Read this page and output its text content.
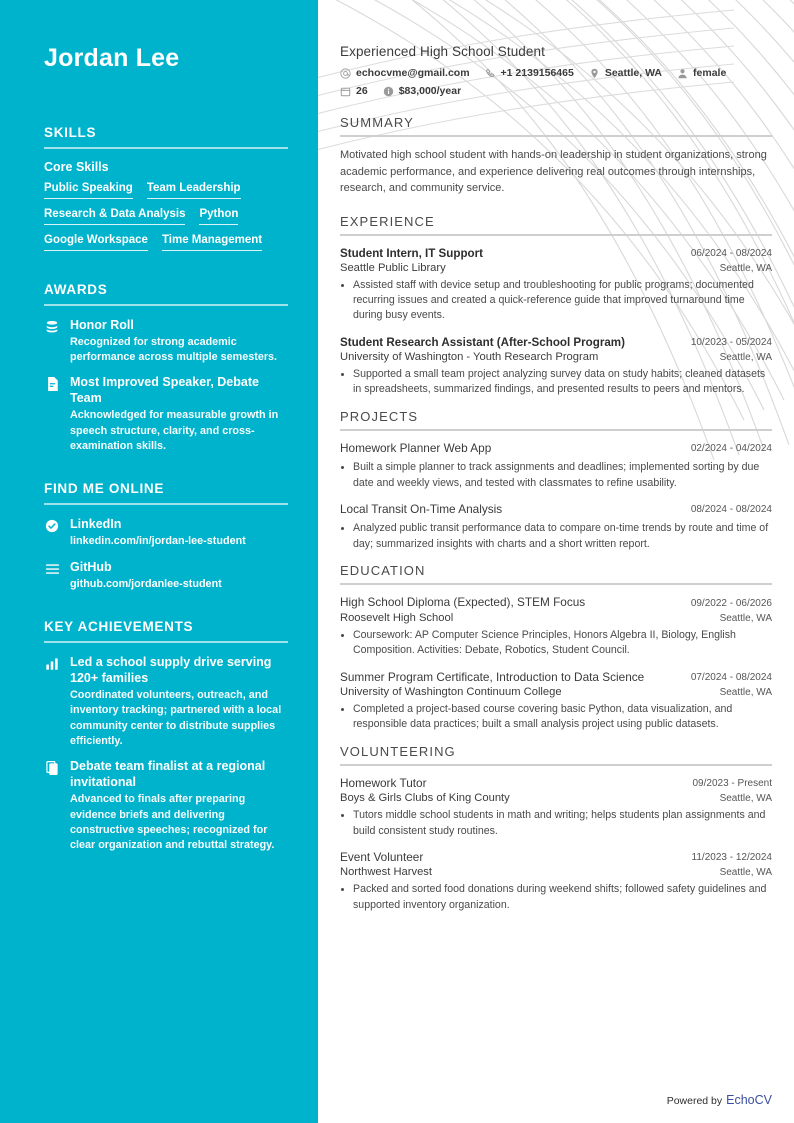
Jordan Lee
SKILLS
Core Skills
Public Speaking Team Leadership
Research & Data Analysis Python
Google Workspace Time Management
AWARDS
Honor Roll
Recognized for strong academic performance across multiple semesters.
Most Improved Speaker, Debate Team
Acknowledged for measurable growth in speech structure, clarity, and cross-examination skills.
FIND ME ONLINE
LinkedIn
linkedin.com/in/jordan-lee-student
GitHub
github.com/jordanlee-student
KEY ACHIEVEMENTS
Led a school supply drive serving 120+ families
Coordinated volunteers, outreach, and inventory tracking; partnered with a local community center to distribute supplies efficiently.
Debate team finalist at a regional invitational
Advanced to finals after preparing evidence briefs and delivering constructive speeches; recognized for clear organization and rebuttal strategy.
Experienced High School Student
echocvme@gmail.com	+1 2139156465	Seattle, WA	female
26	$83,000/year
SUMMARY

Motivated high school student with hands-on leadership in student organizations, strong academic performance, and experience delivering real outcomes through internships, research, and community service.

EXPERIENCE
Student Intern, IT Support	06/2024 - 08/2024
Seattle Public Library	Seattle, WA
• Assisted staff with device setup and troubleshooting for public programs; documented recurring issues and created a quick-reference guide that improved turnaround time during busy events.
Student Research Assistant (After-School Program)	10/2023 - 05/2024
University of Washington - Youth Research Program	Seattle, WA
• Supported a small team project analyzing survey data on study habits; cleaned datasets in spreadsheets, summarized findings, and presented results to peers and mentors.
PROJECTS
Homework Planner Web App	02/2024 - 04/2024
• Built a simple planner to track assignments and deadlines; implemented sorting by due date and weekly views, and tested with classmates to refine usability.
Local Transit On-Time Analysis	08/2024 - 08/2024
• Analyzed public transit performance data to compare on-time trends by route and time of day; summarized insights with charts and a short written report.
EDUCATION
High School Diploma (Expected), STEM Focus	09/2022 - 06/2026
Roosevelt High School	Seattle, WA
• Coursework: AP Computer Science Principles, Honors Algebra II, Biology, English Composition. Activities: Debate, Robotics, Student Council.
Summer Program Certificate, Introduction to Data Science	07/2024 - 08/2024
University of Washington Continuum College	Seattle, WA
• Completed a project-based course covering basic Python, data visualization, and responsible data practices; built a small analysis project using public datasets.
VOLUNTEERING
Homework Tutor	09/2023 - Present
Boys & Girls Clubs of King County	Seattle, WA
• Tutors middle school students in math and writing; helps students plan assignments and build consistent study routines.
Event Volunteer	11/2023 - 12/2024
Northwest Harvest	Seattle, WA
• Packed and sorted food donations during weekend shifts; followed safety guidelines and supported inventory organization.
Powered by EchoCV
